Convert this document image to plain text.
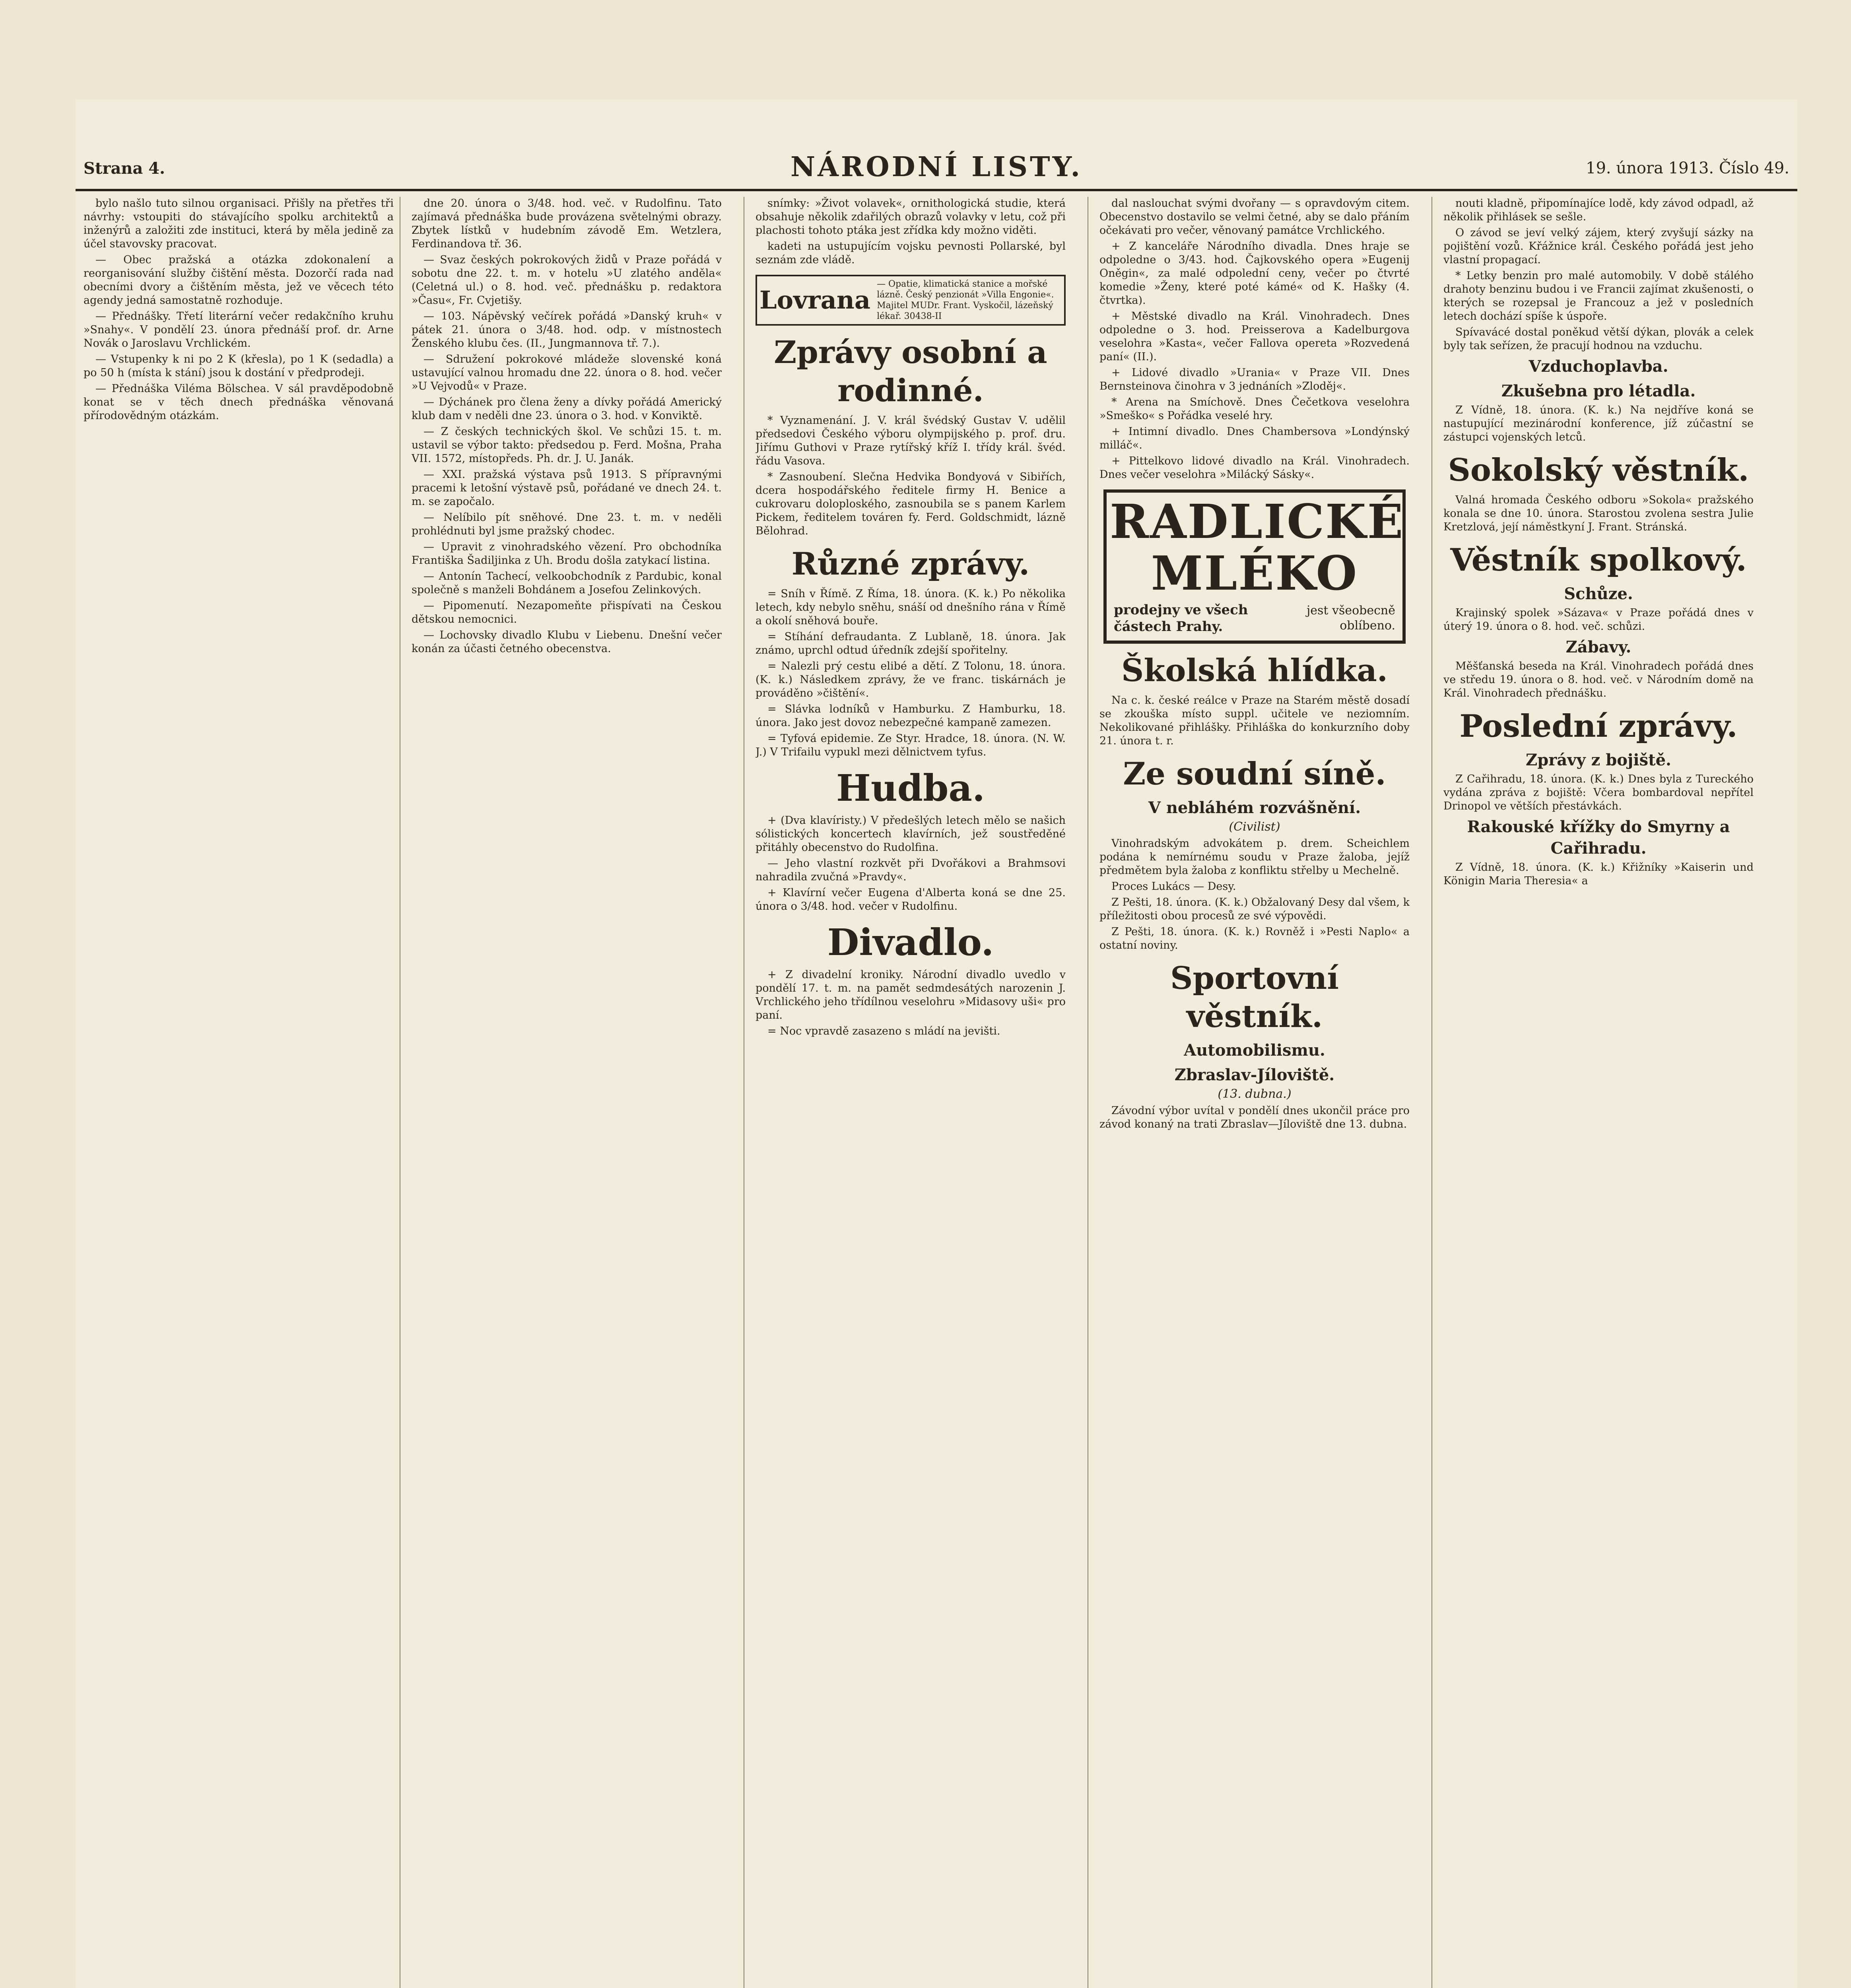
Strana 4.	NÁRODNÍ LISTY.	19. února 1913. Číslo 49.

bylo našlo tuto silnou organisaci. Přišly na přetřes tři návrhy: vstoupiti do stávajícího spolku architektů a inženýrů a založiti zde instituci, která by měla jedině za účel stavovsky pracovat.

— Obec pražská a otázka zdokonalení a reorganisování služby čištění města. Dozorčí rada nad obecními dvory a čištěním města, jež ve věcech této agendy jedná samostatně rozhoduje.

— Přednášky. Třetí literární večer redakčního kruhu »Snahy«. V pondělí 23. února přednáší prof. dr. Arne Novák o Jaroslavu Vrchlickém.

— Vstupenky k ni po 2 K (křesla), po 1 K (sedadla) a po 50 h (místa k stání) jsou k dostání v předprodeji.

— Přednáška Viléma Bölschea. V sál pravděpodobně konat se v těch dnech přednáška věnovaná přírodovědným otázkám.

dne 20. února o 3/48. hod. več. v Rudolfinu. Tato zajímavá přednáška bude provázena světelnými obrazy. Zbytek lístků v hudebním závodě Em. Wetzlera, Ferdinandova tř. 36.

— Svaz českých pokrokových židů v Praze pořádá v sobotu dne 22. t. m. v hotelu »U zlatého anděla« (Celetná ul.) o 8. hod. več. přednášku p. redaktora »Času«, Fr. Cvjetišy.

— 103. Nápěvský večírek pořádá »Danský kruh« v pátek 21. února o 3/48. hod. odp. v místnostech Ženského klubu čes. (II., Jungmannova tř. 7.).

— Sdružení pokrokové mládeže slovenské koná ustavující valnou hromadu dne 22. února o 8. hod. večer »U Vejvodů« v Praze.

— Dýchánek pro člena ženy a dívky pořádá Americký klub dam v neděli dne 23. února o 3. hod. v Konviktě.

— Z českých technických škol. Ve schůzi 15. t. m. ustavil se výbor takto: předsedou p. Ferd. Mošna, Praha VII. 1572, místopředs. Ph. dr. J. U. Janák.

— XXI. pražská výstava psů 1913. S přípravnými pracemi k letošní výstavě psů, pořádané ve dnech 24. t. m. se započalo.

— Nelíbilo pít sněhové. Dne 23. t. m. v neděli prohlédnuti byl jsme pražský chodec.

— Upravit z vinohradského vězení. Pro obchodníka Františka Šadiljinka z Uh. Brodu došla zatykací listina.

— Antonín Tachecí, velkoobchodník z Pardubic, konal společně s manželi Bohdánem a Josefou Zelinkových.

— Pipomenutí. Nezapomeňte přispívati na Českou dětskou nemocnici.

— Lochovsky divadlo Klubu v Liebenu. Dnešní večer konán za účasti četného obecenstva.

snímky: »Život volavek«, ornithologická studie, která obsahuje několik zdařilých obrazů volavky v letu, což při plachosti tohoto ptáka jest zřídka kdy možno viděti.

kadeti na ustupujícím vojsku pevnosti Pollarské, byl seznám zde vládě.

Lovrana
— Opatie, klimatická stanice a mořské lázně. Český penzionát »Villa Engonie«. Majitel MUDr. Frant. Vyskočil, lázeňský lékař. 30438-II
Zprávy osobní a rodinné.

* Vyznamenání. J. V. král švédský Gustav V. udělil předsedovi Českého výboru olympijského p. prof. dru. Jiřímu Guthovi v Praze rytířský kříž I. třídy král. švéd. řádu Vasova.

* Zasnoubení. Slečna Hedvika Bondyová v Sibiřích, dcera hospodářského ředitele firmy H. Benice a cukrovaru doloploského, zasnoubila se s panem Karlem Pickem, ředitelem továren fy. Ferd. Goldschmidt, lázně Bělohrad.

Různé zprávy.

= Sníh v Římě. Z Říma, 18. února. (K. k.) Po několika letech, kdy nebylo sněhu, snáší od dnešního rána v Římě a okolí sněhová bouře.

= Stíhání defraudanta. Z Lublaně, 18. února. Jak známo, uprchl odtud úředník zdejší spořitelny.

= Nalezli prý cestu elibé a dětí. Z Tolonu, 18. února. (K. k.) Následkem zprávy, že ve franc. tiskárnách je prováděno »čištění«.

= Slávka lodníků v Hamburku. Z Hamburku, 18. února. Jako jest dovoz nebezpečné kampaně zamezen.

= Tyfová epidemie. Ze Styr. Hradce, 18. února. (N. W. J.) V Trifailu vypukl mezi dělnictvem tyfus.

Hudba.

+ (Dva klavíristy.) V předešlých letech mělo se našich sólistických koncertech klavírních, jež soustředěné přitáhly obecenstvo do Rudolfina.

— Jeho vlastní rozkvět při Dvořákovi a Brahmsovi nahradila zvučná »Pravdy«.

+ Klavírní večer Eugena d'Alberta koná se dne 25. února o 3/48. hod. večer v Rudolfinu.

Divadlo.

+ Z divadelní kroniky. Národní divadlo uvedlo v pondělí 17. t. m. na pamět sedmdesátých narozenin J. Vrchlického jeho třídílnou veselohru »Midasovy uši« pro paní.

= Noc vpravdě zasazeno s mládí na jevišti.

dal naslouchat svými dvořany — s opravdovým citem. Obecenstvo dostavilo se velmi četné, aby se dalo přáním očekávati pro večer, věnovaný památce Vrchlického.

+ Z kanceláře Národního divadla. Dnes hraje se odpoledne o 3/43. hod. Čajkovského opera »Eugenij Oněgin«, za malé odpolední ceny, večer po čtvrté komedie »Ženy, které poté kámé« od K. Hašky (4. čtvrtka).

+ Městské divadlo na Král. Vinohradech. Dnes odpoledne o 3. hod. Preisserova a Kadelburgova veselohra »Kasta«, večer Fallova opereta »Rozvedená paní« (II.).

+ Lidové divadlo »Urania« v Praze VII. Dnes Bernsteinova činohra v 3 jednáních »Zloděj«.

* Arena na Smíchově. Dnes Čečetkova veselohra »Smeško« s Pořádka veselé hry.

+ Intimní divadlo. Dnes Chambersova »Londýnský milláč«.

+ Pittelkovo lidové divadlo na Král. Vinohradech. Dnes večer veselohra »Milácký Sásky«.

RADLICKÉ MLÉKO
prodejny ve všech částech Prahy.
jest všeobecně oblíbeno.
Školská hlídka.

Na c. k. české reálce v Praze na Starém městě dosadí se zkouška místo suppl. učitele ve neziomním. Nekolikované přihlášky. Přihláška do konkurzního doby 21. února t. r.

Ze soudní síně.
V nebláhém rozvášnění.
(Civilist)

Vinohradským advokátem p. drem. Scheichlem podána k nemírnému soudu v Praze žaloba, jejíž předmětem byla žaloba z konfliktu střelby u Mechelně.

Proces Lukács — Desy.

Z Pešti, 18. února. (K. k.) Obžalovaný Desy dal všem, k příležitosti obou procesů ze své výpovědi.

Z Pešti, 18. února. (K. k.) Rovněž i »Pesti Naplo« a ostatní noviny.

Sportovní věstník.
Automobilismu.
Zbraslav-Jíloviště.
(13. dubna.)

Závodní výbor uvítal v pondělí dnes ukončil práce pro závod konaný na trati Zbraslav—Jíloviště dne 13. dubna.

nouti kladně, připomínajíce lodě, kdy závod odpadl, až několik přihlásek se sešle.

O závod se jeví velký zájem, který zvyšují sázky na pojištění vozů. Křážnice král. Českého pořádá jest jeho vlastní propagací.

* Letky benzin pro malé automobily. V době stálého drahoty benzinu budou i ve Francii zajímat zkušenosti, o kterých se rozepsal je Francouz a jež v posledních letech dochází spíše k úspoře.

Spívavácé dostal poněkud větší dýkan, plovák a celek byly tak seřízen, že pracují hodnou na vzduchu.

Vzduchoplavba.
Zkušebna pro létadla.

Z Vídně, 18. února. (K. k.) Na nejdříve koná se nastupující mezinárodní konference, jíž zúčastní se zástupci vojenských letců.

Sokolský věstník.

Valná hromada Českého odboru »Sokola« pražského konala se dne 10. února. Starostou zvolena sestra Julie Kretzlová, její náměstkyní J. Frant. Stránská.

Věstník spolkový.
Schůze.

Krajinský spolek »Sázava« v Praze pořádá dnes v úterý 19. února o 8. hod. več. schůzi.

Zábavy.

Měšťanská beseda na Král. Vinohradech pořádá dnes ve středu 19. února o 8. hod. več. v Národním domě na Král. Vinohradech přednášku.

Poslední zprávy.
Zprávy z bojiště.

Z Cařihradu, 18. února. (K. k.) Dnes byla z Tureckého vydána zpráva z bojiště: Včera bombardoval nepřítel Drinopol ve větších přestávkách.

Rakouské křížky do Smyrny a Cařihradu.

Z Vídně, 18. února. (K. k.) Křižníky »Kaiserin und Königin Maria Theresia« a
